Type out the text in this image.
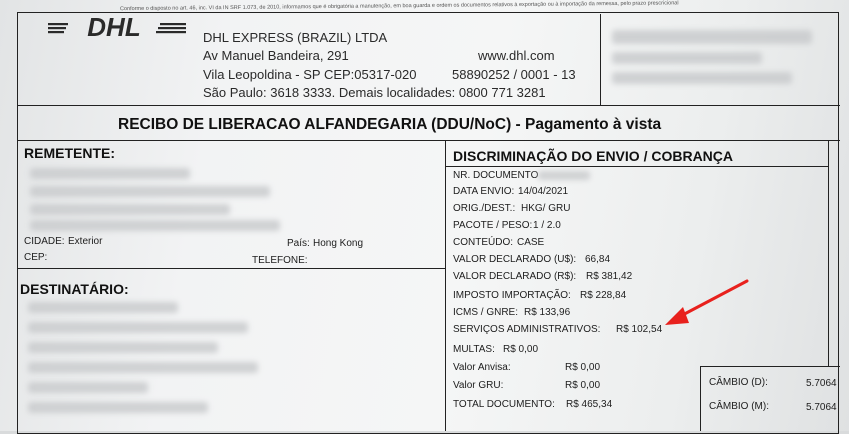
Conforme o disposto no art. 46, inc. VI da IN SRF 1.073, de 2010, informamos que é obrigatória a manutenção, em boa guarda e ordem os documentos relativos à exportação ou à importação da remessa, pelo prazo prescricional
DHL	DHL EXPRESS (BRAZIL) LTDA
Av Manuel Bandeira, 291
Vila Leopoldina - SP CEP:05317-020
São Paulo: 3618 3333. Demais localidades: 0800 771 3281
www.dhl.com
58890252 / 0001 - 13
RECIBO DE LIBERACAO ALFANDEGARIA (DDU/NoC) - Pagamento à vista
REMETENTE:
CIDADE: Exterior	País: Hong Kong
CEP:	TELEFONE:
DESTINATÁRIO:
DISCRIMINAÇÃO DO ENVIO / COBRANÇA
NR. DOCUMENTO
DATA ENVIO: 14/04/2021
ORIG./DEST.: HKG/ GRU
PACOTE / PESO: 1 / 2.0
CONTEÚDO: CASE
VALOR DECLARADO (U$): 66,84
VALOR DECLARADO (R$): R$ 381,42
IMPOSTO IMPORTAÇÃO: R$ 228,84
ICMS / GNRE: R$ 133,96
SERVIÇOS ADMINISTRATIVOS: R$ 102,54
MULTAS: R$ 0,00
Valor Anvisa:	R$ 0,00
Valor GRU:	R$ 0,00
TOTAL DOCUMENTO: R$ 465,34
CÂMBIO (D):	5.7064
CÂMBIO (M):	5.7064
